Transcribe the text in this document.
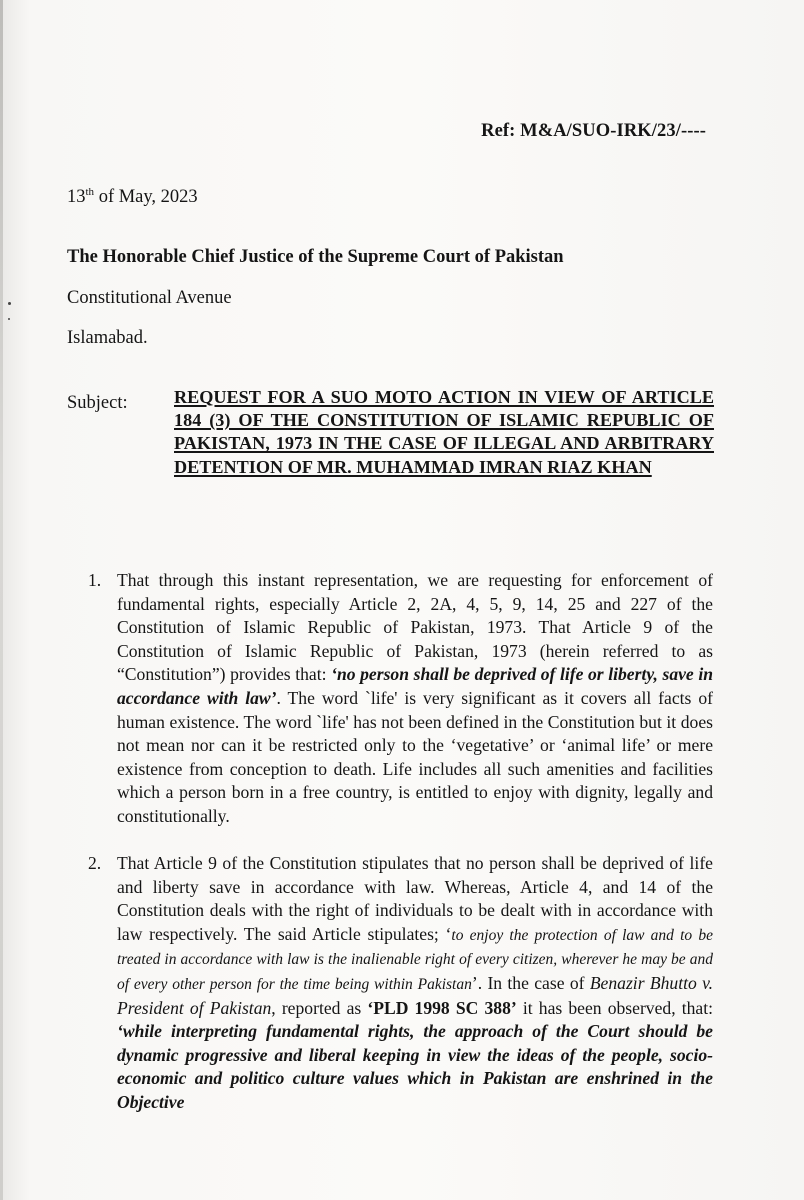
Ref: M&A/SUO-IRK/23/----
13th of May, 2023
The Honorable Chief Justice of the Supreme Court of Pakistan
Constitutional Avenue
Islamabad.
Subject:	REQUEST FOR A SUO MOTO ACTION IN VIEW OF ARTICLE 184 (3) OF THE CONSTITUTION OF ISLAMIC REPUBLIC OF PAKISTAN, 1973 IN THE CASE OF ILLEGAL AND ARBITRARY DETENTION OF MR. MUHAMMAD IMRAN RIAZ KHAN
1. That through this instant representation, we are requesting for enforcement of fundamental rights, especially Article 2, 2A, 4, 5, 9, 14, 25 and 227 of the Constitution of Islamic Republic of Pakistan, 1973. That Article 9 of the Constitution of Islamic Republic of Pakistan, 1973 (herein referred to as “Constitution”) provides that: ‘no person shall be deprived of life or liberty, save in accordance with law’. The word `life' is very significant as it covers all facts of human existence. The word `life' has not been defined in the Constitution but it does not mean nor can it be restricted only to the ‘vegetative’ or ‘animal life’ or mere existence from conception to death. Life includes all such amenities and facilities which a person born in a free country, is entitled to enjoy with dignity, legally and constitutionally.
2. That Article 9 of the Constitution stipulates that no person shall be deprived of life and liberty save in accordance with law. Whereas, Article 4, and 14 of the Constitution deals with the right of individuals to be dealt with in accordance with law respectively. The said Article stipulates; ‘to enjoy the protection of law and to be treated in accordance with law is the inalienable right of every citizen, wherever he may be and of every other person for the time being within Pakistan’. In the case of Benazir Bhutto v. President of Pakistan, reported as ‘PLD 1998 SC 388’ it has been observed, that: ‘while interpreting fundamental rights, the approach of the Court should be dynamic progressive and liberal keeping in view the ideas of the people, socio-economic and politico culture values which in Pakistan are enshrined in the Objective
